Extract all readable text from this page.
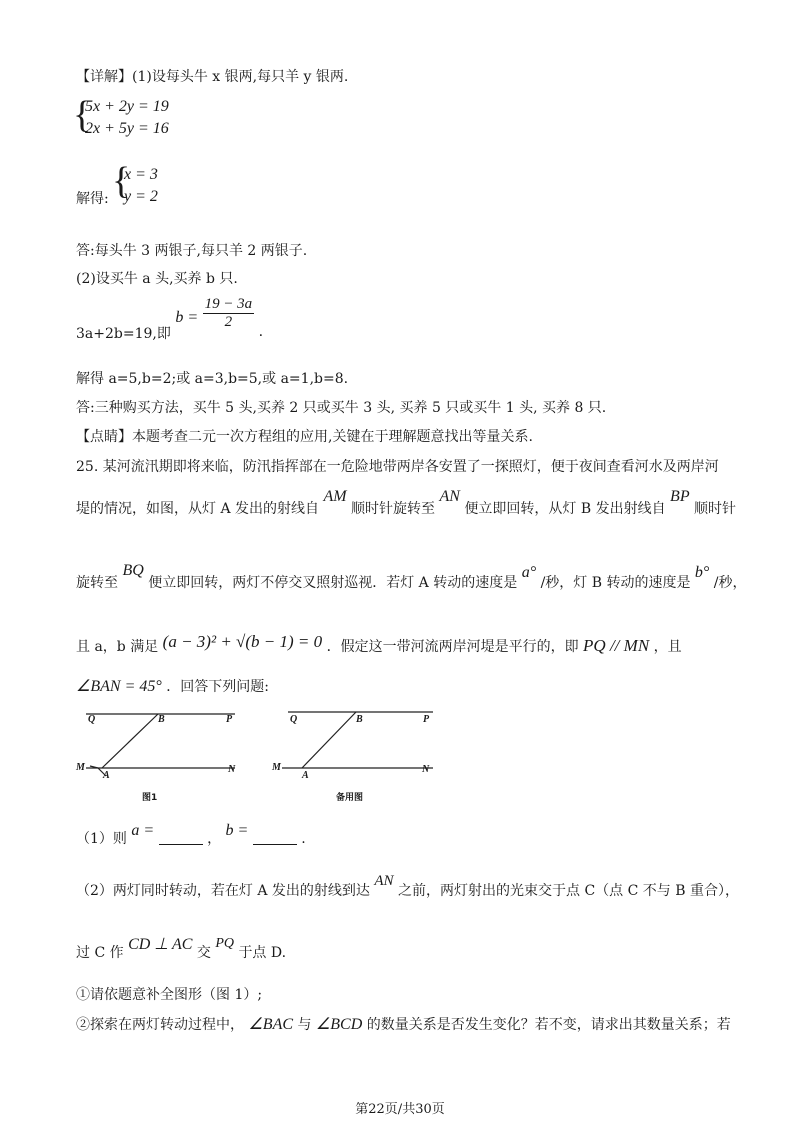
【详解】(1)设每头牛 x 银两,每只羊 y 银两.
{
5x + 2y = 19
2x + 5y = 16
解得: {
x = 3
y = 2
答:每头牛 3 两银子,每只羊 2 两银子.
(2)设买牛 a 头,买养 b 只.
3a+2b=19,即 $b = \frac{19 - 3a}{2}$
.
解得 a=5,b=2;或 a=3,b=5,或 a=1,b=8.
答:三种购买方法，买牛 5 头,买养 2 只或买牛 3 头, 买养 5 只或买牛 1 头, 买养 8 只.
【点睛】本题考查二元一次方程组的应用,关键在于理解题意找出等量关系.
25. 某河流汛期即将来临，防汛指挥部在一危险地带两岸各安置了一探照灯，便于夜间查看河水及两岸河
堤的情况，如图，从灯 A 发出的射线自 AM 顺时针旋转至 AN 便立即回转，从灯 B 发出射线自 BP 顺时针
旋转至 BQ 便立即回转，两灯不停交叉照射巡视．若灯 A 转动的速度是 a° /秒，灯 B 转动的速度是 b° /秒，
且 a，b 满足 (a − 3)² + √(b − 1) = 0 ．假定这一带河流两岸河堤是平行的，即 PQ // MN ，且
∠BAN = 45° ．回答下列问题:
Q	B	P
M
A
N
图1
Q	B	P
M
A
N
备用图
（1）则 a =	， b =	.
（2）两灯同时转动，若在灯 A 发出的射线到达 AN 之前，两灯射出的光束交于点 C（点 C 不与 B 重合），
过 C 作 CD ⊥ AC 交 PQ 于点 D.
①请依题意补全图形（图 1）;
②探索在两灯转动过程中， ∠BAC 与 ∠BCD 的数量关系是否发生变化？若不变，请求出其数量关系；若
第22页/共30页
